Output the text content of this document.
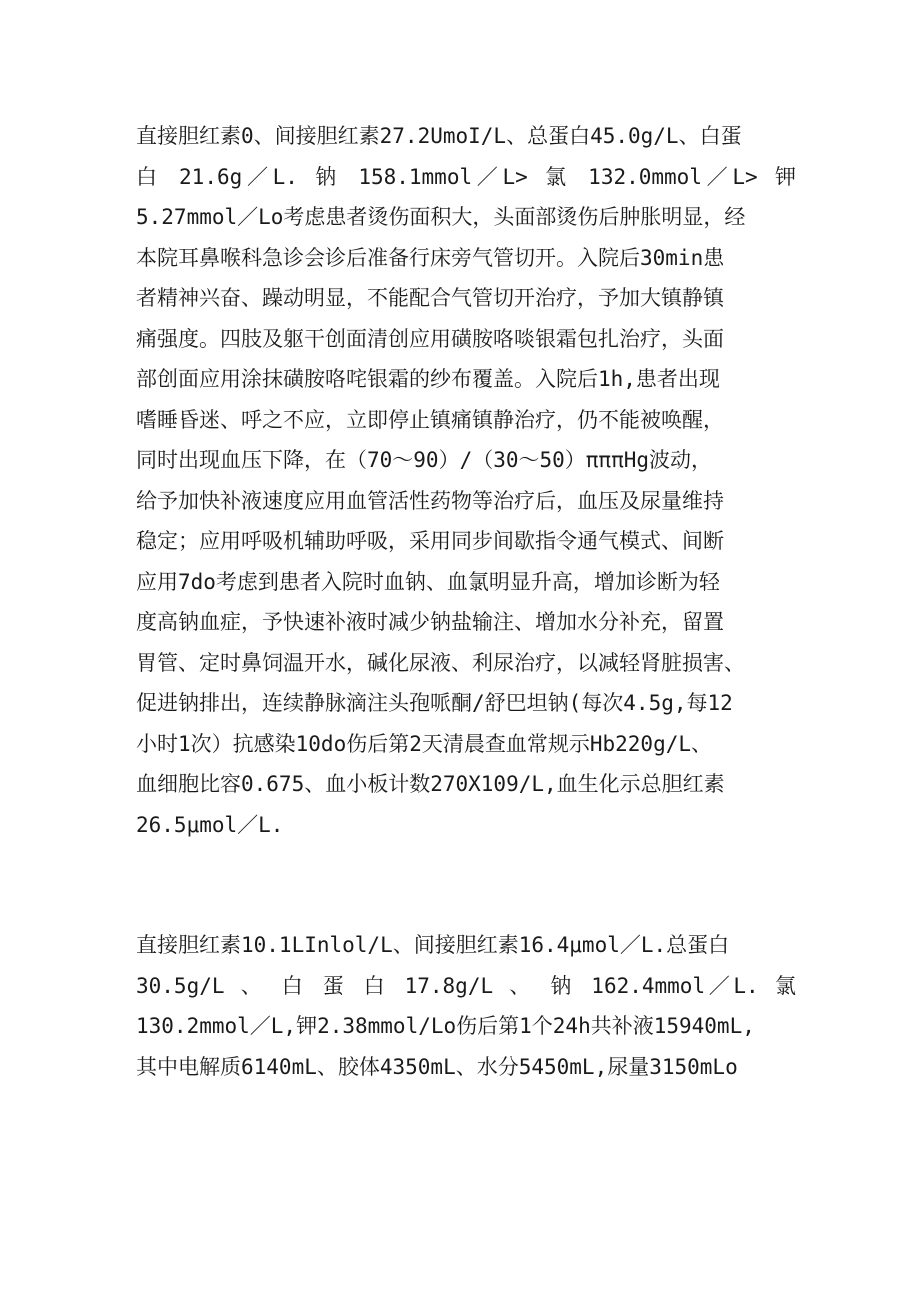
直接胆红素0、间接胆红素27.2UmoI/L、总蛋白45.0g/L、白蛋
白 21.6g／L. 钠 158.1mmol／L> 氯 132.0mmol／L> 钾
5.27mmol／Lo考虑患者烫伤面积大，头面部烫伤后肿胀明显，经
本院耳鼻喉科急诊会诊后准备行床旁气管切开。入院后30min患
者精神兴奋、躁动明显，不能配合气管切开治疗，予加大镇静镇
痛强度。四肢及躯干创面清创应用磺胺咯啖银霜包扎治疗，头面
部创面应用涂抹磺胺咯咤银霜的纱布覆盖。入院后1h,患者出现
嗜睡昏迷、呼之不应，立即停止镇痛镇静治疗，仍不能被唤醒，
同时出现血压下降，在（70～90）/（30～50）πππHg波动，
给予加快补液速度应用血管活性药物等治疗后，血压及尿量维持
稳定；应用呼吸机辅助呼吸，采用同步间歇指令通气模式、间断
应用7do考虑到患者入院时血钠、血氯明显升高，增加诊断为轻
度高钠血症，予快速补液时减少钠盐输注、增加水分补充，留置
胃管、定时鼻饲温开水，碱化尿液、利尿治疗，以减轻肾脏损害、
促进钠排出，连续静脉滴注头孢哌酮/舒巴坦钠(每次4.5g,每12
小时1次）抗感染10do伤后第2天清晨查血常规示Hb220g/L、
血细胞比容0.675、血小板计数270X109/L,血生化示总胆红素
26.5μmol／L.
直接胆红素10.1LInlol/L、间接胆红素16.4μmol／L.总蛋白
30.5g/L 、 白 蛋 白 17.8g/L 、 钠 162.4mmol／L. 氯
130.2mmol／L,钾2.38mmol/Lo伤后第1个24h共补液15940mL,
其中电解质6140mL、胶体4350mL、水分5450mL,尿量3150mLo
